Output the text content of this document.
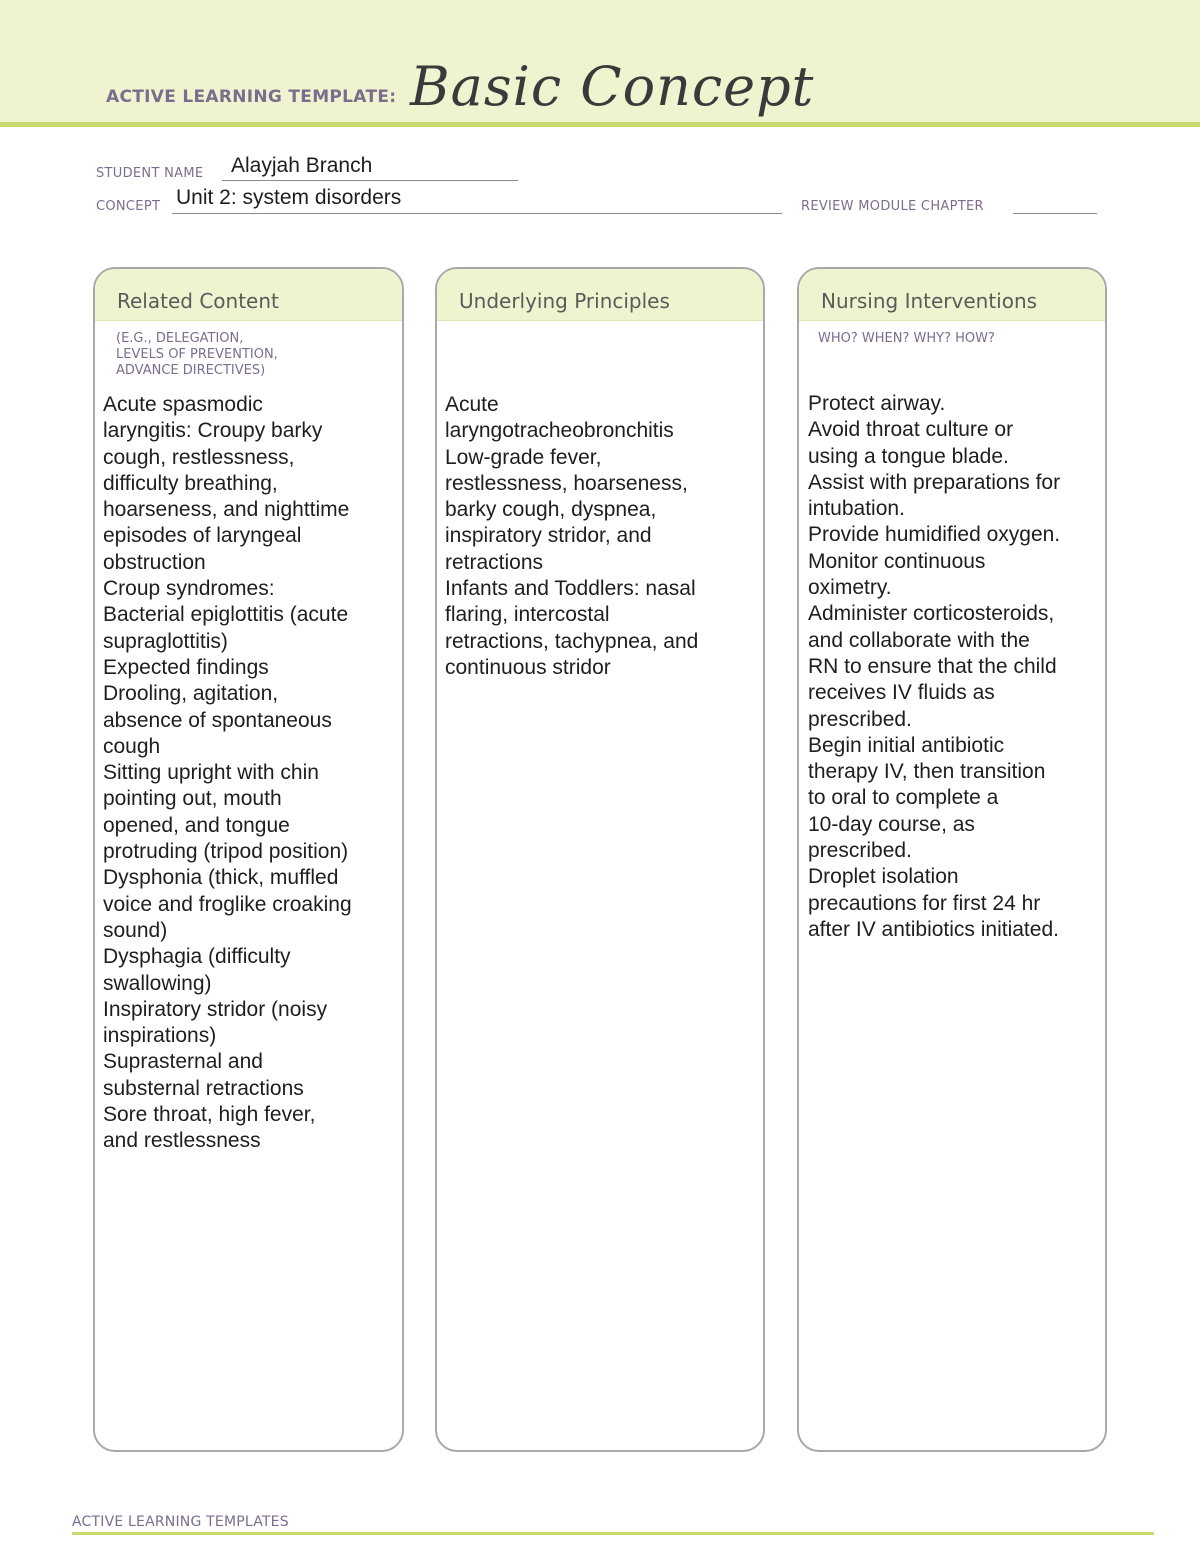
ACTIVE LEARNING TEMPLATE: Basic Concept
STUDENT NAME Alayjah Branch
CONCEPT Unit 2: system disorders	REVIEW MODULE CHAPTER
Related Content
(E.G., DELEGATION,
LEVELS OF PREVENTION,
ADVANCE DIRECTIVES)
Acute spasmodic
laryngitis: Croupy barky
cough, restlessness,
difficulty breathing,
hoarseness, and nighttime
episodes of laryngeal
obstruction
Croup syndromes:
Bacterial epiglottitis (acute
supraglottitis)
Expected findings
Drooling, agitation,
absence of spontaneous
cough
Sitting upright with chin
pointing out, mouth
opened, and tongue
protruding (tripod position)
Dysphonia (thick, muffled
voice and froglike croaking
sound)
Dysphagia (difficulty
swallowing)
Inspiratory stridor (noisy
inspirations)
Suprasternal and
substernal retractions
Sore throat, high fever,
and restlessness
Underlying Principles
Acute
laryngotracheobronchitis
Low-grade fever,
restlessness, hoarseness,
barky cough, dyspnea,
inspiratory stridor, and
retractions
Infants and Toddlers: nasal
flaring, intercostal
retractions, tachypnea, and
continuous stridor
Nursing Interventions
WHO? WHEN? WHY? HOW?
Protect airway.
Avoid throat culture or
using a tongue blade.
Assist with preparations for
intubation.
Provide humidified oxygen.
Monitor continuous
oximetry.
Administer corticosteroids,
and collaborate with the
RN to ensure that the child
receives IV fluids as
prescribed.
Begin initial antibiotic
therapy IV, then transition
to oral to complete a
10-day course, as
prescribed.
Droplet isolation
precautions for first 24 hr
after IV antibiotics initiated.
ACTIVE LEARNING TEMPLATES
